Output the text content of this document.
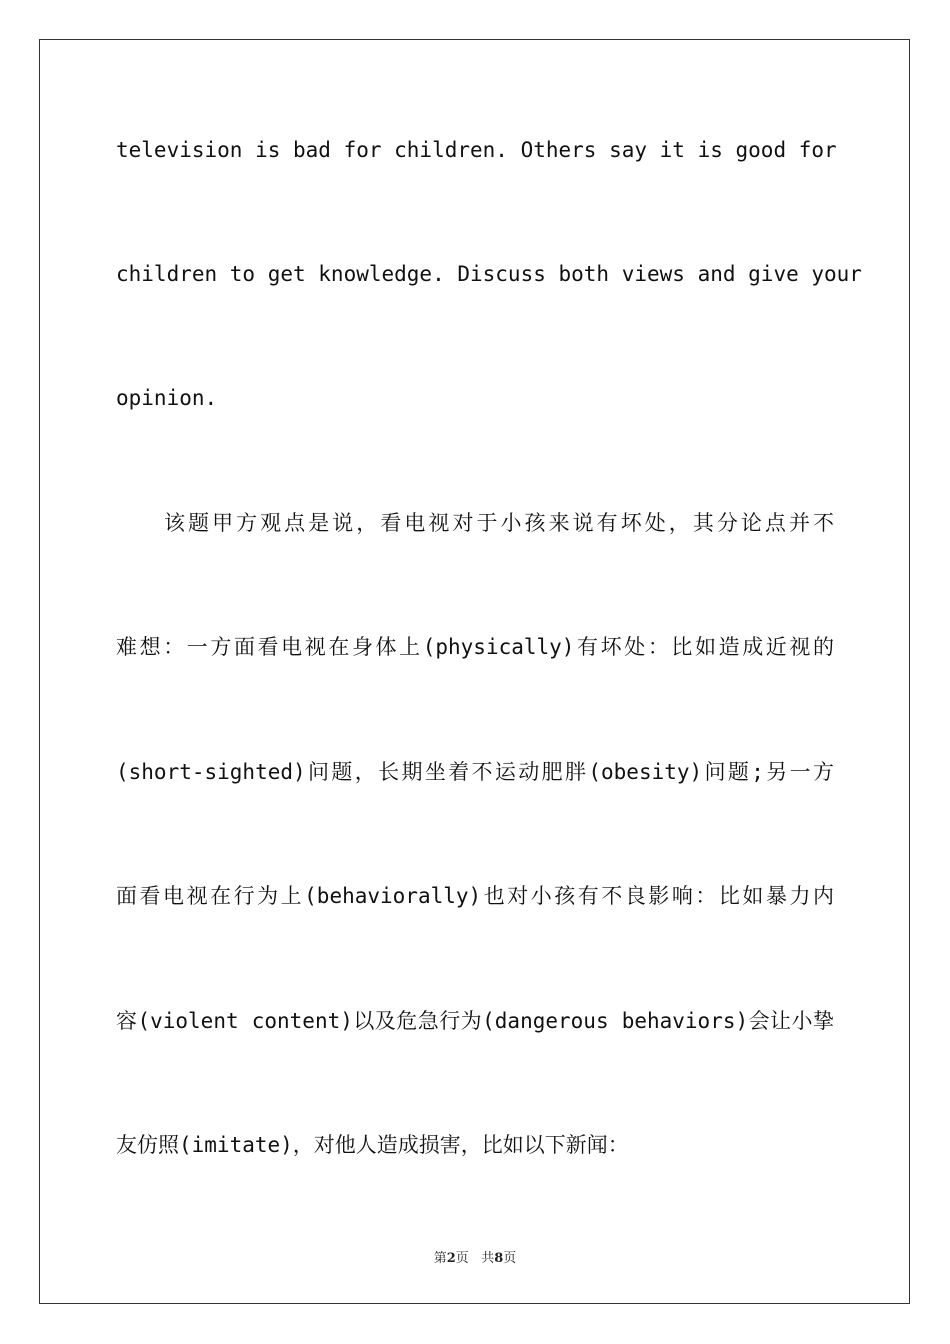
television is bad for children. Others say it is good for
children to get knowledge. Discuss both views and give your
opinion.
该题甲方观点是说，看电视对于小孩来说有坏处，其分论点并不
难想：一方面看电视在身体上(physically)有坏处：比如造成近视的
(short-sighted)问题，长期坐着不运动肥胖(obesity)问题;另一方
面看电视在行为上(behaviorally)也对小孩有不良影响：比如暴力内
容(violent content)以及危急行为(dangerous behaviors)会让小挚
友仿照(imitate)，对他人造成损害，比如以下新闻：
第2页 共8页
